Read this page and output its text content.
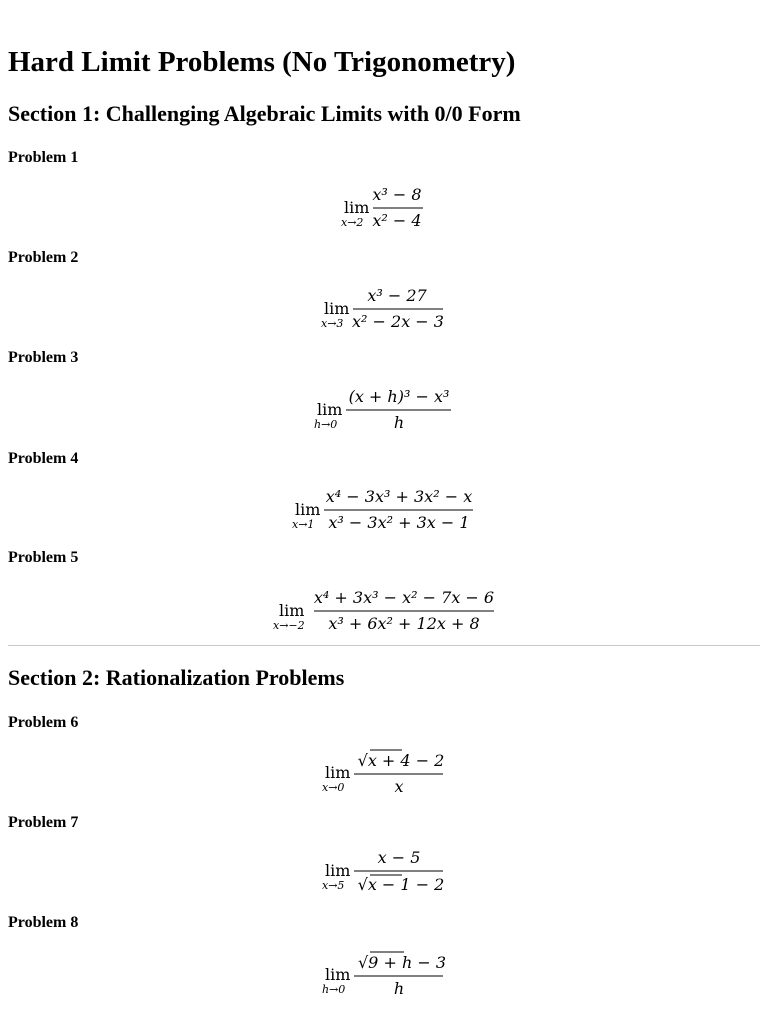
Hard Limit Problems (No Trigonometry)
Section 1: Challenging Algebraic Limits with 0/0 Form
Problem 1
lim
x→2
x³ − 8
x² − 4
Problem 2
lim
x→3
x³ − 27
x² − 2x − 3
Problem 3
lim
h→0
(x + h)³ − x³
h
Problem 4
lim
x→1
x⁴ − 3x³ + 3x² − x
x³ − 3x² + 3x − 1
Problem 5
lim
x→−2
x⁴ + 3x³ − x² − 7x − 6
x³ + 6x² + 12x + 8
Section 2: Rationalization Problems
Problem 6
lim
x→0
√x + 4 − 2
x
Problem 7
lim
x→5
x − 5
√x − 1 − 2
Problem 8
lim
h→0
√9 + h − 3
h
